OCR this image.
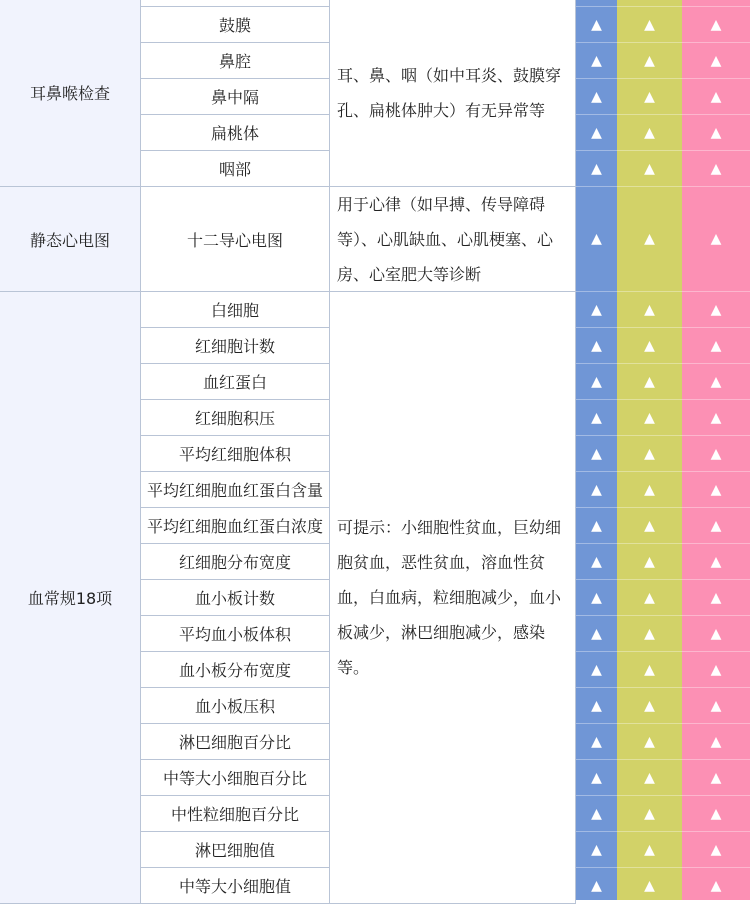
耳鼻喉检查
耳、鼻、咽（如中耳炎、鼓膜穿孔、扁桃体肿大）有无异常等
鼓膜	▲	▲	▲
鼻腔	▲	▲	▲
鼻中隔	▲	▲	▲
扁桃体	▲	▲	▲
咽部	▲	▲	▲
静态心电图
用于心律（如早搏、传导障碍等）、心肌缺血、心肌梗塞、心房、心室肥大等诊断
十二导心电图	▲	▲	▲
血常规18项
可提示：小细胞性贫血，巨幼细胞贫血，恶性贫血，溶血性贫血，白血病，粒细胞减少，血小板减少，淋巴细胞减少，感染等。
白细胞	▲	▲	▲
红细胞计数	▲	▲	▲
血红蛋白	▲	▲	▲
红细胞积压	▲	▲	▲
平均红细胞体积	▲	▲	▲
平均红细胞血红蛋白含量	▲	▲	▲
平均红细胞血红蛋白浓度	▲	▲	▲
红细胞分布宽度	▲	▲	▲
血小板计数	▲	▲	▲
平均血小板体积	▲	▲	▲
血小板分布宽度	▲	▲	▲
血小板压积	▲	▲	▲
淋巴细胞百分比	▲	▲	▲
中等大小细胞百分比	▲	▲	▲
中性粒细胞百分比	▲	▲	▲
淋巴细胞值	▲	▲	▲
中等大小细胞值	▲	▲	▲
